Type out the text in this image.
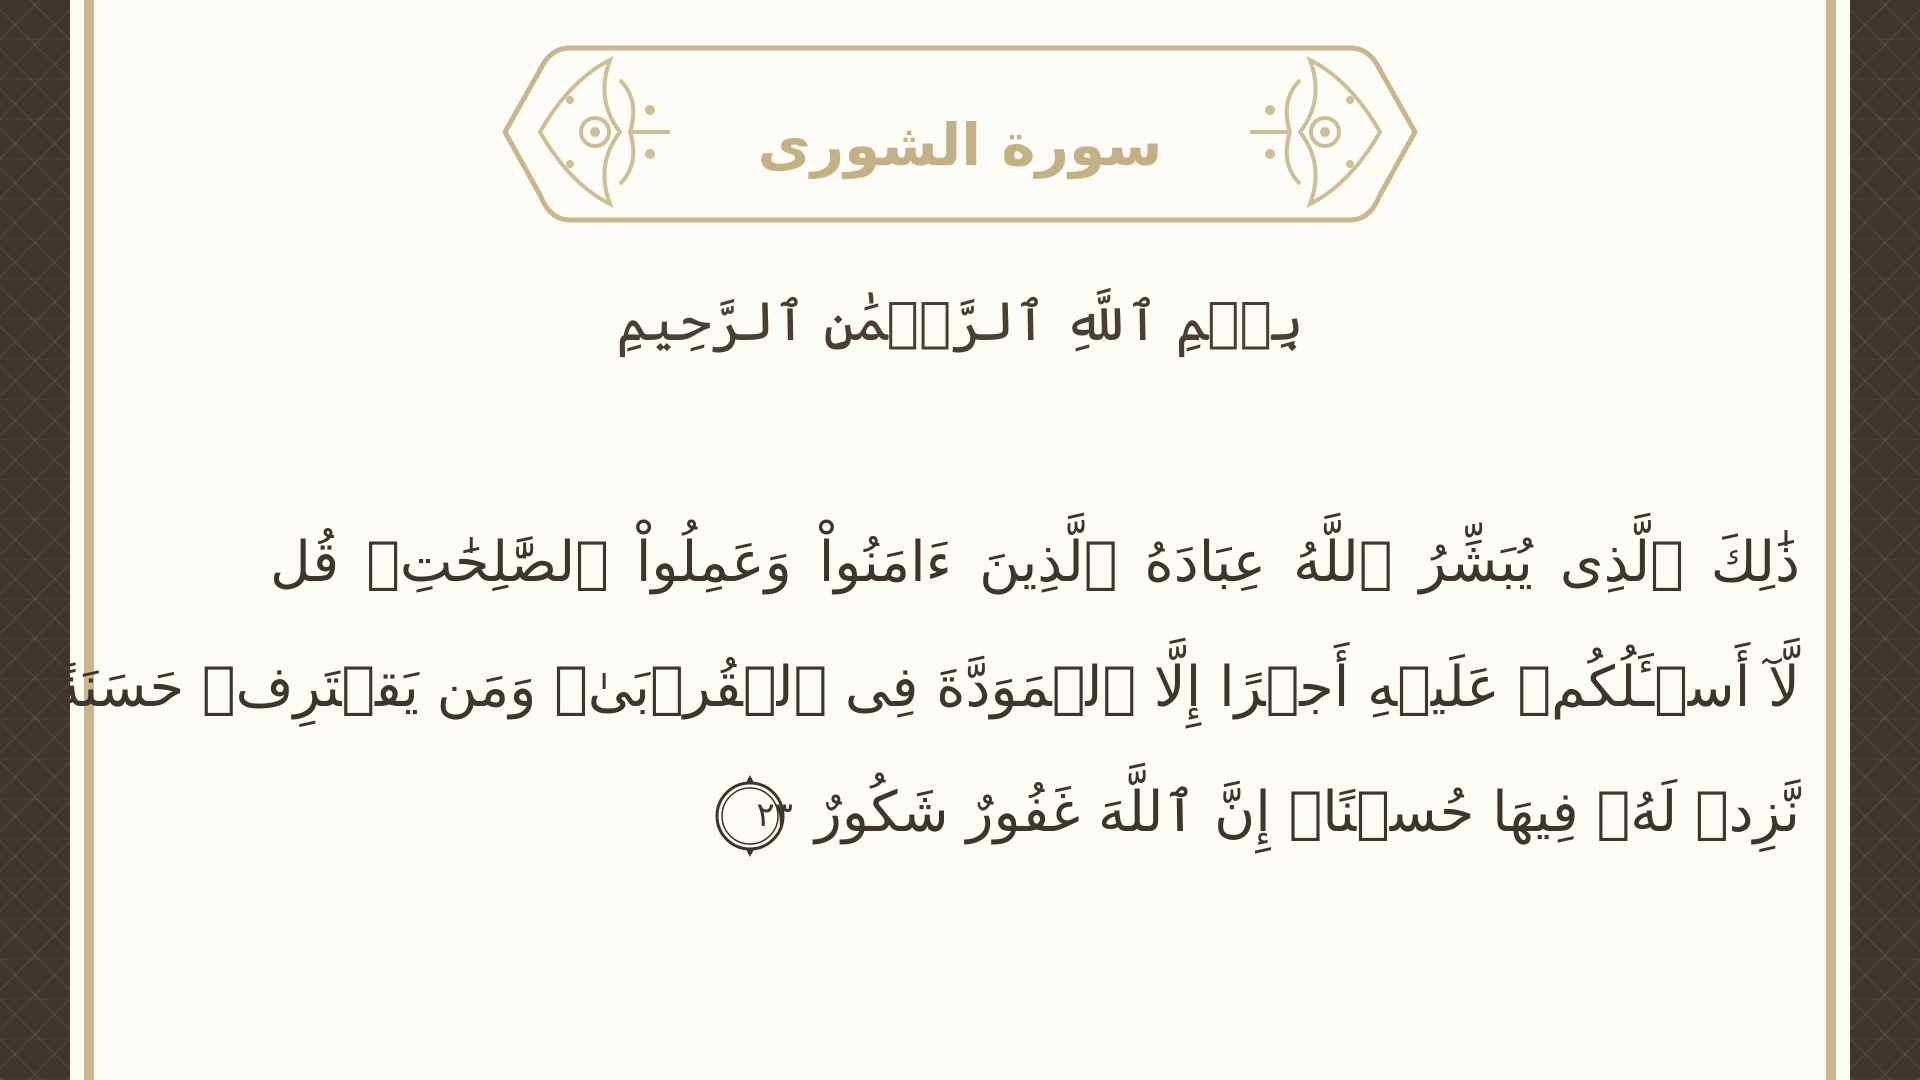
سورة الشورى
بِسۡمِ ٱللَّهِ ٱلرَّحۡمَٰنِ ٱلرَّحِيمِ
ذَٰلِكَ ٱلَّذِى يُبَشِّرُ ٱللَّهُ عِبَادَهُ ٱلَّذِينَ ءَامَنُواْ وَعَمِلُواْ ٱلصَّٰلِحَٰتِۗ قُل
لَّآ أَسۡـَٔلُكُمۡ عَلَيۡهِ أَجۡرًا إِلَّا ٱلۡمَوَدَّةَ فِى ٱلۡقُرۡبَىٰۗ وَمَن يَقۡتَرِفۡ حَسَنَةً
نَّزِدۡ لَهُۥ فِيهَا حُسۡنًاۚ إِنَّ ٱللَّهَ غَفُورٌ شَكُورٌ
٢٣
